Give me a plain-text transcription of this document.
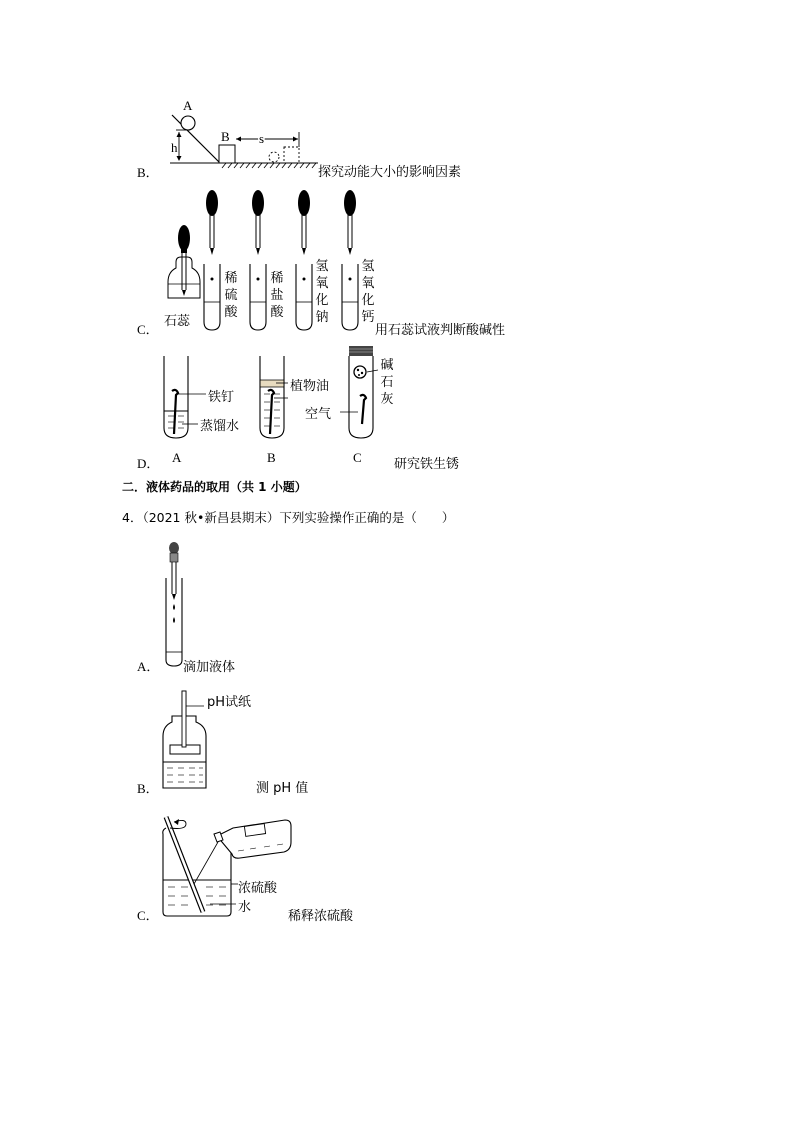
B．
A
h
B s
探究动能大小的影响因素
C．
石蕊
稀硫酸
稀盐酸
氢氧化钠
氢氧化钙
用石蕊试液判断酸碱性
D． A	B	C
铁钉
蒸馏水
植物油
碱石灰
空气
研究铁生锈
二．液体药品的取用（共 1 小题）
4．（2021 秋•新昌县期末）下列实验操作正确的是（　　）
A． 滴加液体
B．
pH试纸
测 pH 值
C．
浓硫酸
水
稀释浓硫酸
